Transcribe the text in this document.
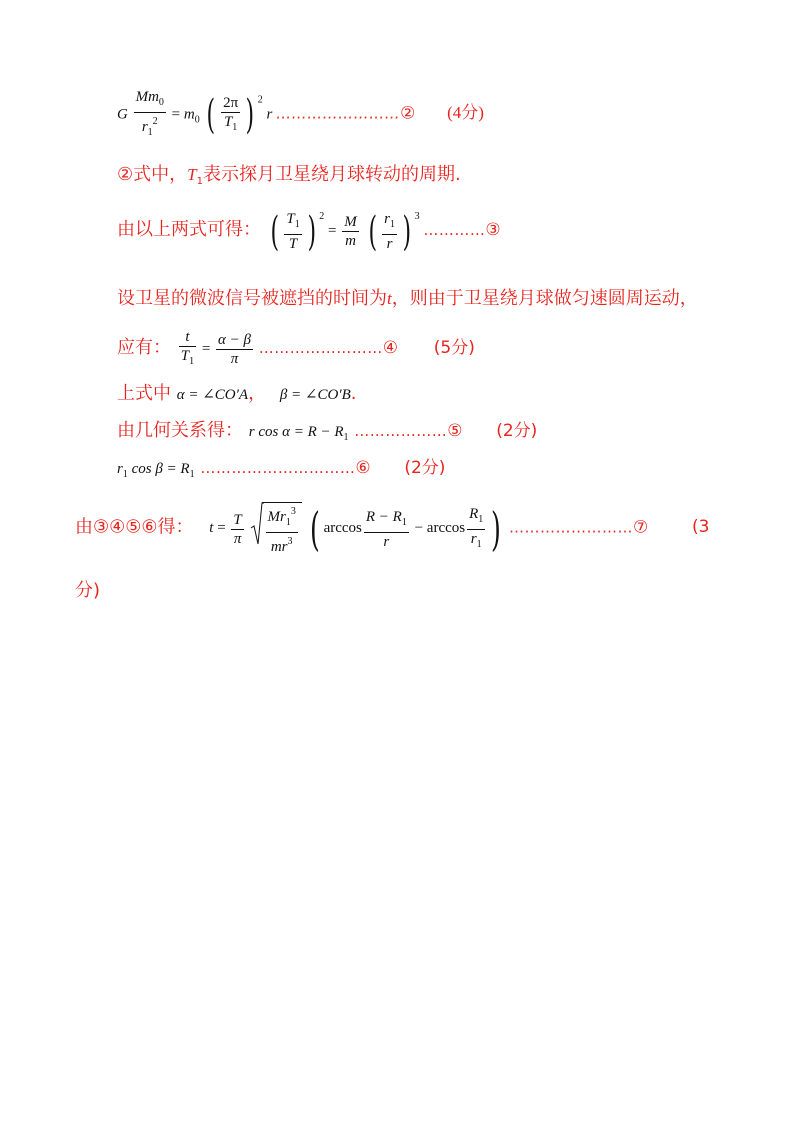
G $\frac{Mm_0}{r_1^2} = m_0$ ( $\frac{2\pi}{T_1}$ ) $^2$ r ……………………② (4分)
②式中，$T_1$表示探月卫星绕月球转动的周期.
由以上两式可得： ( $\frac{T_1}{T}$ ) $^2 = \frac{M}{m}$ ( $\frac{r_1}{r}$ ) $^3$ …………③
设卫星的微波信号被遮挡的时间为t，则由于卫星绕月球做匀速圆周运动，
应有： $\frac{t}{T_1} = \frac{\alpha - \beta}{\pi}$ ……………………④ (5分)
上式中 α = ∠CO′A， β = ∠CO′B.
由几何关系得： r $\cos \alpha = R - R_1$ ………………⑤ (2分)
$r_1$ $\cos \beta = R_1$ …………………………⑥ (2分)
由③④⑤⑥得： $t = \frac{T}{\pi}$
$\frac{Mr_1^3}{mr^3}$ ( $\arccos \frac{R - R_1}{r} - \arccos \frac{R_1}{r_1}$ ) ……………………⑦	(3
分)
